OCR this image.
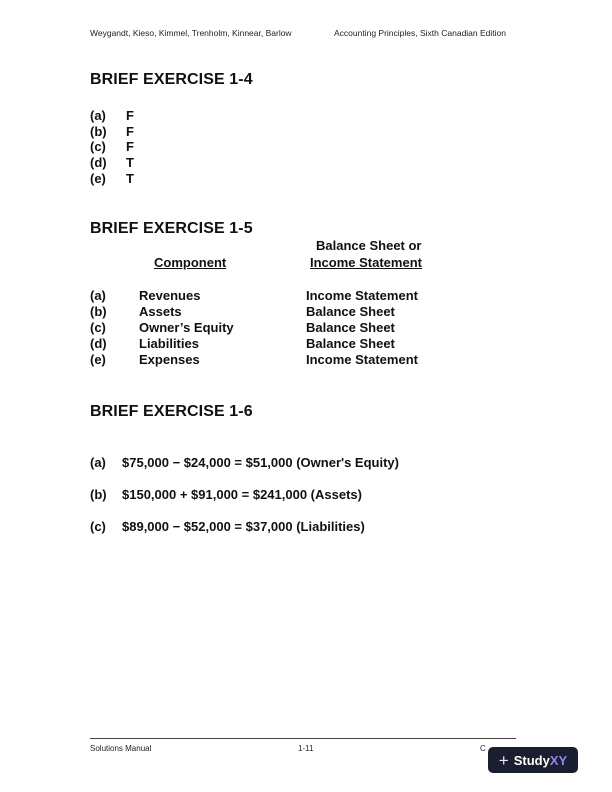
Weygandt, Kieso, Kimmel, Trenholm, Kinnear, Barlow	Accounting Principles, Sixth Canadian Edition
BRIEF EXERCISE 1-4
(a)	F
(b)	F
(c)	F
(d)	T
(e)	T
BRIEF EXERCISE 1-5
Balance Sheet or
Component	Income Statement
(a)	Revenues	Income Statement
(b) Assets	Balance Sheet
(c)	Owner’s Equity	Balance Sheet
(d) Liabilities	Balance Sheet
(e)	Expenses	Income Statement
BRIEF EXERCISE 1-6
(a) $75,000 − $24,000 = $51,000 (Owner's Equity)
(b) $150,000 + $91,000 = $241,000 (Assets)
(c) $89,000 − $52,000 = $37,000 (Liabilities)
Solutions Manual	1-11	C
+ Study XY
